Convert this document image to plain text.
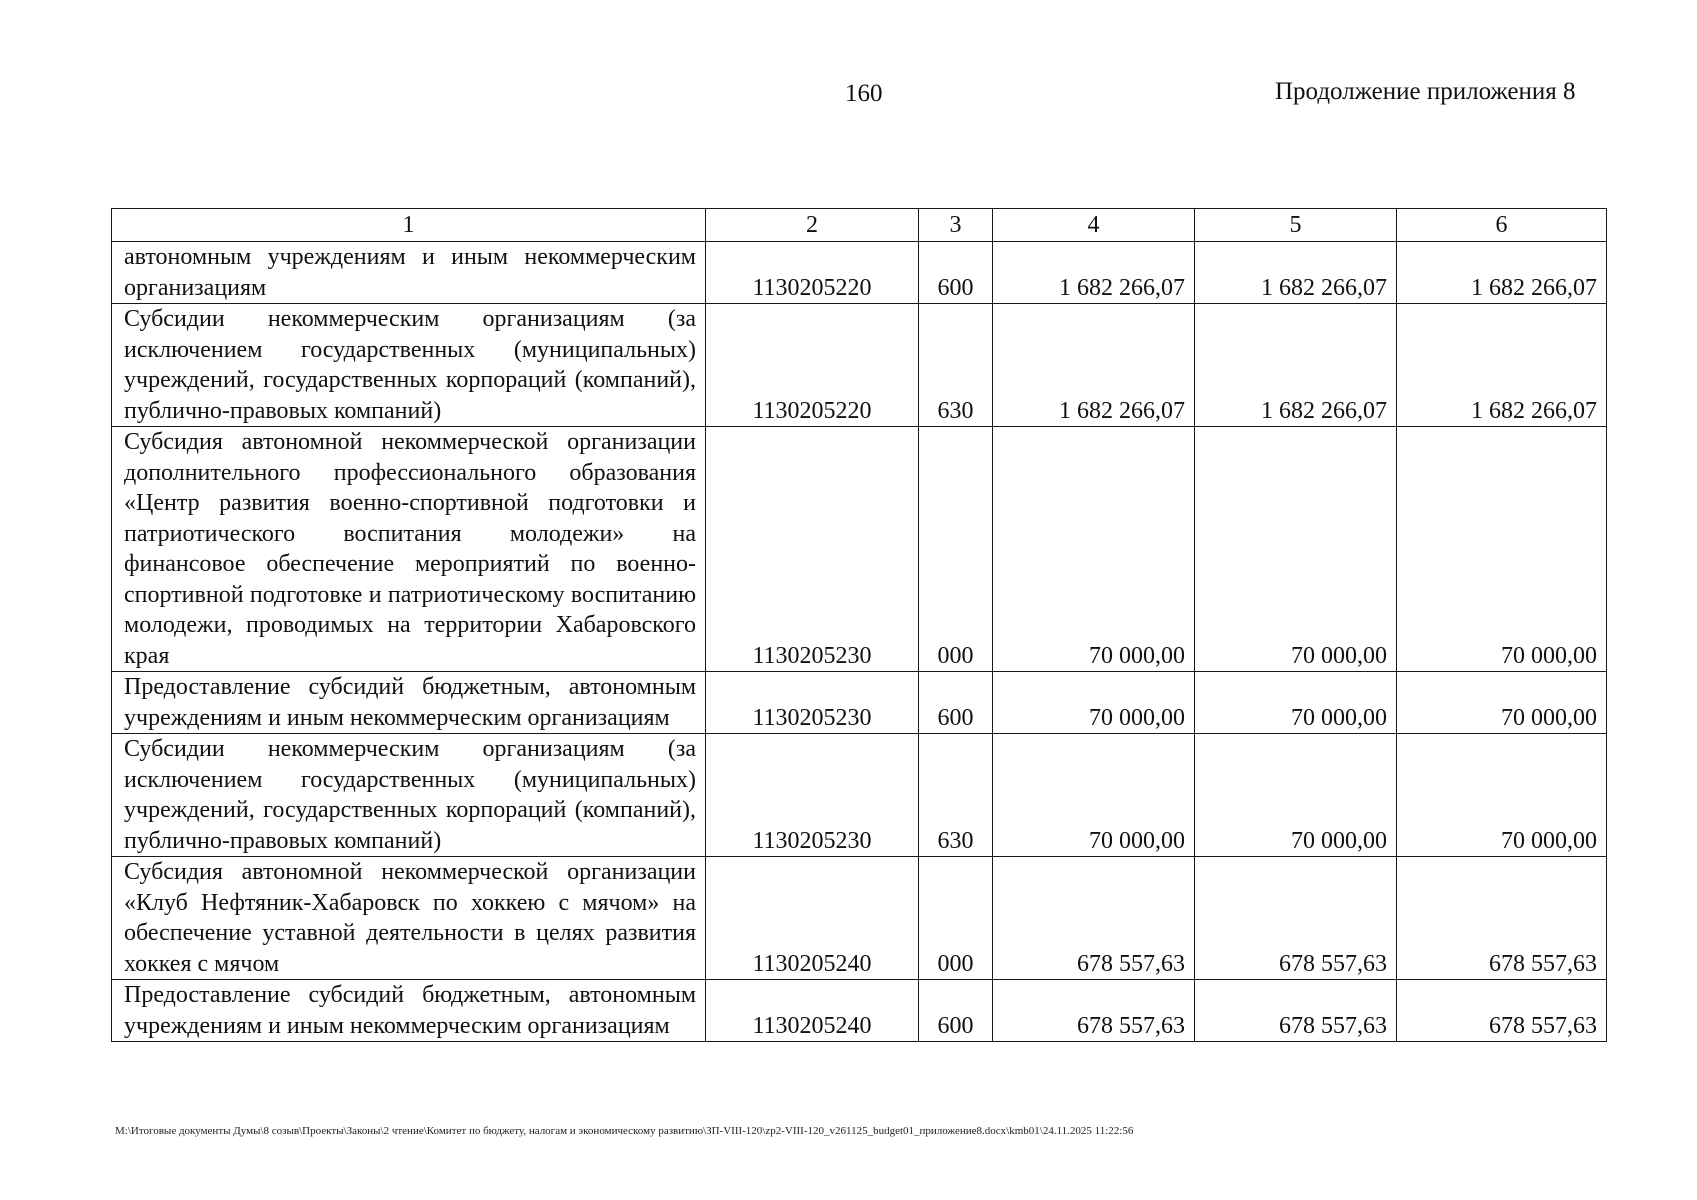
160	Продолжение приложения 8
1	2	3	4	5	6
автономным учреждениям и иным некоммерческим организациям	1130205220	600	1 682 266,07	1 682 266,07	1 682 266,07
Субсидии некоммерческим организациям (за исключением государственных (муниципальных) учреждений, государственных корпораций (компаний), публично-правовых компаний)	1130205220	630	1 682 266,07	1 682 266,07	1 682 266,07
Субсидия автономной некоммерческой организации дополнительного профессионального образования «Центр развития военно-спортивной подготовки и патриотического воспитания молодежи» на финансовое обеспечение мероприятий по военно-спортивной подготовке и патриотическому воспитанию молодежи, проводимых на территории Хабаровского края	1130205230	000	70 000,00	70 000,00	70 000,00
Предоставление субсидий бюджетным, автономным учреждениям и иным некоммерческим организациям	1130205230	600	70 000,00	70 000,00	70 000,00
Субсидии некоммерческим организациям (за исключением государственных (муниципальных) учреждений, государственных корпораций (компаний), публично-правовых компаний)	1130205230	630	70 000,00	70 000,00	70 000,00
Субсидия автономной некоммерческой организации «Клуб Нефтяник-Хабаровск по хоккею с мячом» на обеспечение уставной деятельности в целях развития хоккея с мячом	1130205240	000	678 557,63	678 557,63	678 557,63
Предоставление субсидий бюджетным, автономным учреждениям и иным некоммерческим организациям	1130205240	600	678 557,63	678 557,63	678 557,63
М:\Итоговые документы Думы\8 созыв\Проекты\Законы\2 чтение\Комитет по бюджету, налогам и экономическому развитию\ЗП-VIII-120\zp2-VIII-120_v261125_budget01_приложение8.docx\kmb01\24.11.2025 11:22:56
